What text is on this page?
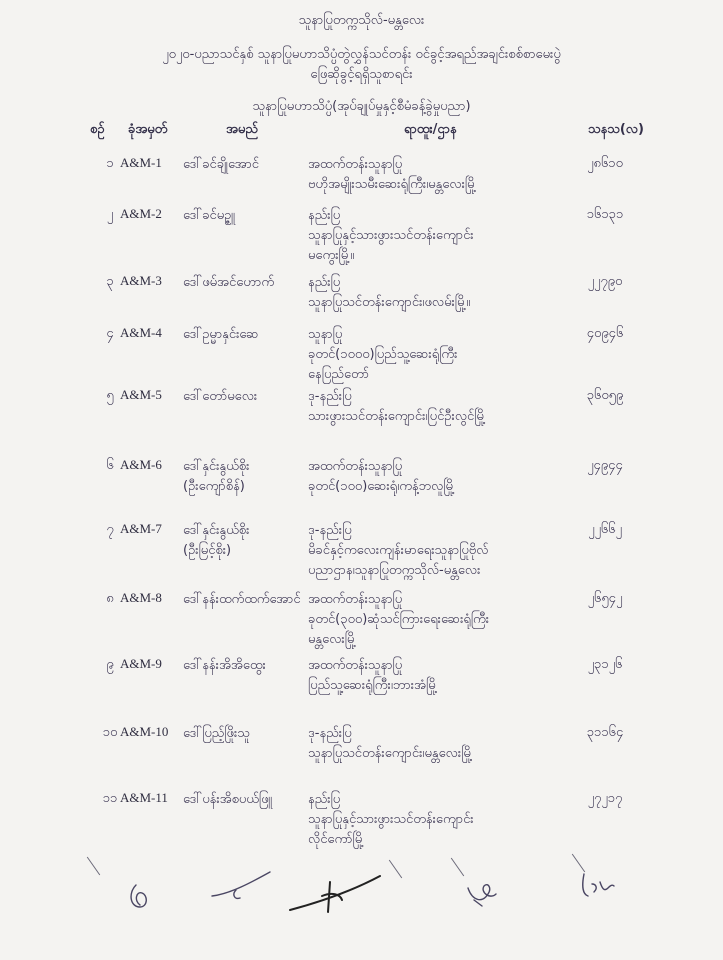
သူနာပြုတက္ကသိုလ်-မန္တလေး
၂၀၂၀-ပညာသင်နှစ် သူနာပြုမဟာသိပ္ပံတွဲလွှန်သင်တန်း ဝင်ခွင့်အရည်အချင်းစစ်စာမေးပွဲ
ဖြေဆိုခွင့်ရရှိသူစာရင်း
သူနာပြုမဟာသိပ္ပံ(အုပ်ချုပ်မှုနှင့်စီမံခန့်ခွဲမှုပညာ)
စဉ် ခုံအမှတ်	အမည်	ရာထူး/ဌာန	သနသ(လ)
၁ A&M-1	ဒေါ်ခင်ချိုအောင်	အထက်တန်းသူနာပြု
ဗဟိုအမျိုးသမီးဆေးရုံကြီး၊မန္တလေးမြို့
၂၈၆၁၀
၂ A&M-2	ဒေါ်ခင်မဥ္ဇူ	နည်းပြ
သူနာပြုနှင့်သားဖွားသင်တန်းကျောင်း
မကွေးမြို့။
၁၆၁၃၁
၃ A&M-3	ဒေါ်ဖမ်အင်ဟောက်	နည်းပြ
သူနာပြုသင်တန်းကျောင်း၊ဖလမ်းမြို့။
၂၂၇၉၀
၄ A&M-4	ဒေါ်ဥမ္မာနှင်းဆေ	သူနာပြု
ခုတင်(၁၀၀၀)ပြည်သူ့ဆေးရုံကြီး
နေပြည်တော်
၄၀၉၄၆
၅ A&M-5	ဒေါ်တော်မလေး	ဒု-နည်းပြ
သားဖွားသင်တန်းကျောင်း၊ပြင်ဦးလွင်မြို့
၃၆၀၅၉
၆ A&M-6	ဒေါ်နှင်းနွယ်စိုး
(ဦးကျော်စိန်)
အထက်တန်းသူနာပြု
ခုတင်(၁၀၀)ဆေးရုံ၊ကန့်ဘလူမြို့
၂၄၉၄၄
၇ A&M-7	ဒေါ်နှင်းနွယ်စိုး
(ဦးမြင့်စိုး)
ဒု-နည်းပြ
မိခင်နှင့်ကလေးကျန်းမာရေးသူနာပြုဗိုလ်
ပညာဌာန၊သူနာပြုတက္ကသိုလ်-မန္တလေး
၂၂၆၆၂
၈ A&M-8	ဒေါ်နန်းထက်ထက်အောင် အထက်တန်းသူနာပြု
ခုတင်(၃၀၀)ဆုံသင်ကြားရေးဆေးရုံကြီး
မန္တလေးမြို့
၂၆၅၄၂
၉ A&M-9	ဒေါ်နန်းအိအိထွေး	အထက်တန်းသူနာပြု
ပြည်သူ့ဆေးရုံကြီး၊ဘားအံမြို့
၂၃၁၂၆
၁၀ A&M-10	ဒေါ်ပြည့်ဖြိုးသူ	ဒု-နည်းပြ
သူနာပြုသင်တန်းကျောင်း၊မန္တလေးမြို့
၃၁၁၆၄
၁၁ A&M-11	ဒေါ်ပန်းအိစပယ်ဖြူ	နည်းပြ
သူနာပြုနှင့်သားဖွားသင်တန်းကျောင်း
လိုင်ကော်မြို့
၂၇၂၁၇
